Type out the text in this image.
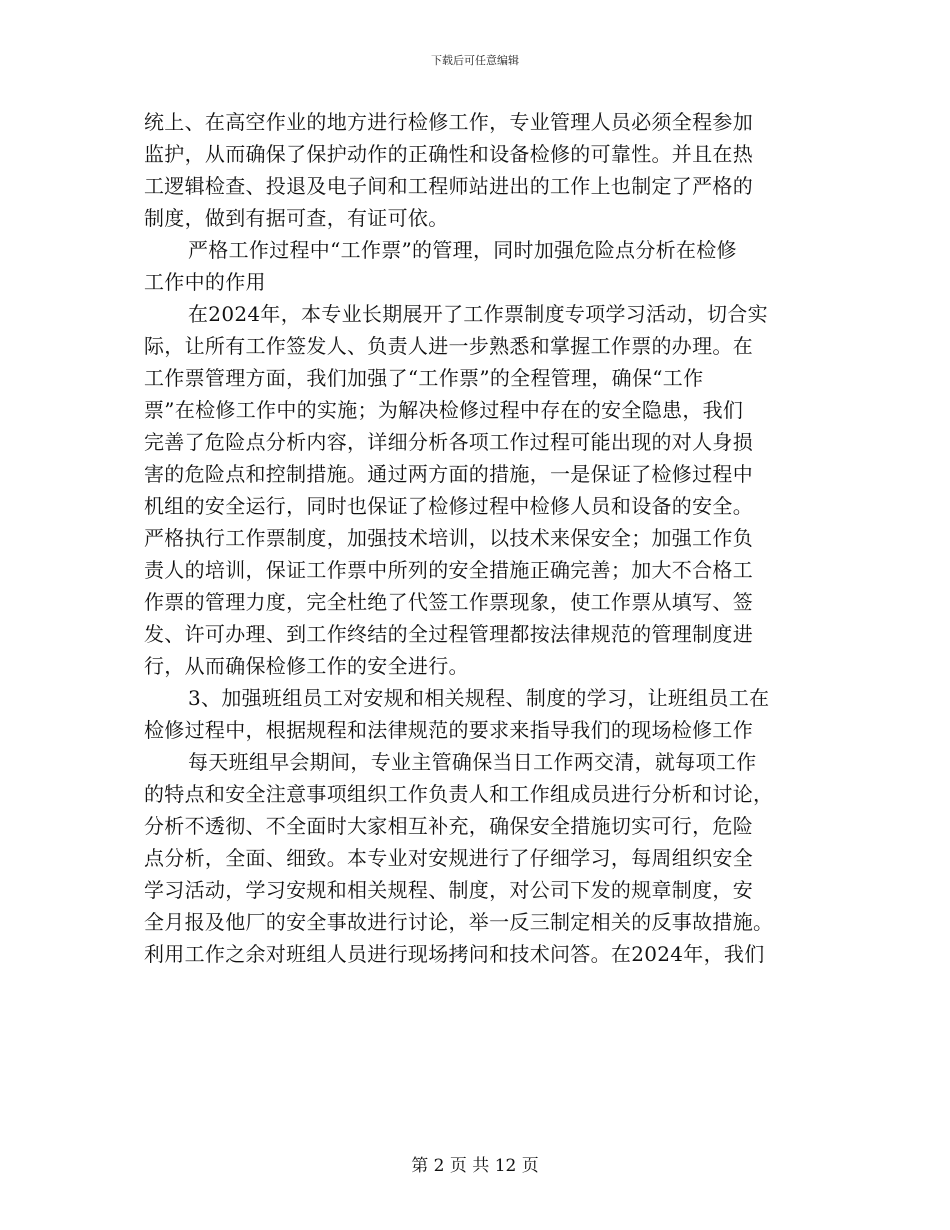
下载后可任意编辑

统上、在高空作业的地方进行检修工作，专业管理人员必须全程参加
监护，从而确保了保护动作的正确性和设备检修的可靠性。并且在热
工逻辑检查、投退及电子间和工程师站进出的工作上也制定了严格的
制度，做到有据可查，有证可依。

严格工作过程中“工作票”的管理，同时加强危险点分析在检修
工作中的作用

在2024年，本专业长期展开了工作票制度专项学习活动，切合实
际，让所有工作签发人、负责人进一步熟悉和掌握工作票的办理。在
工作票管理方面，我们加强了“工作票”的全程管理，确保“工作
票”在检修工作中的实施；为解决检修过程中存在的安全隐患，我们
完善了危险点分析内容，详细分析各项工作过程可能出现的对人身损
害的危险点和控制措施。通过两方面的措施，一是保证了检修过程中
机组的安全运行，同时也保证了检修过程中检修人员和设备的安全。
严格执行工作票制度，加强技术培训，以技术来保安全；加强工作负
责人的培训，保证工作票中所列的安全措施正确完善；加大不合格工
作票的管理力度，完全杜绝了代签工作票现象，使工作票从填写、签
发、许可办理、到工作终结的全过程管理都按法律规范的管理制度进
行，从而确保检修工作的安全进行。

3、加强班组员工对安规和相关规程、制度的学习，让班组员工在
检修过程中，根据规程和法律规范的要求来指导我们的现场检修工作

每天班组早会期间，专业主管确保当日工作两交清，就每项工作
的特点和安全注意事项组织工作负责人和工作组成员进行分析和讨论，
分析不透彻、不全面时大家相互补充，确保安全措施切实可行，危险
点分析，全面、细致。本专业对安规进行了仔细学习，每周组织安全
学习活动，学习安规和相关规程、制度，对公司下发的规章制度，安
全月报及他厂的安全事故进行讨论，举一反三制定相关的反事故措施。
利用工作之余对班组人员进行现场拷问和技术问答。在2024年，我们

第 2 页 共 12 页
